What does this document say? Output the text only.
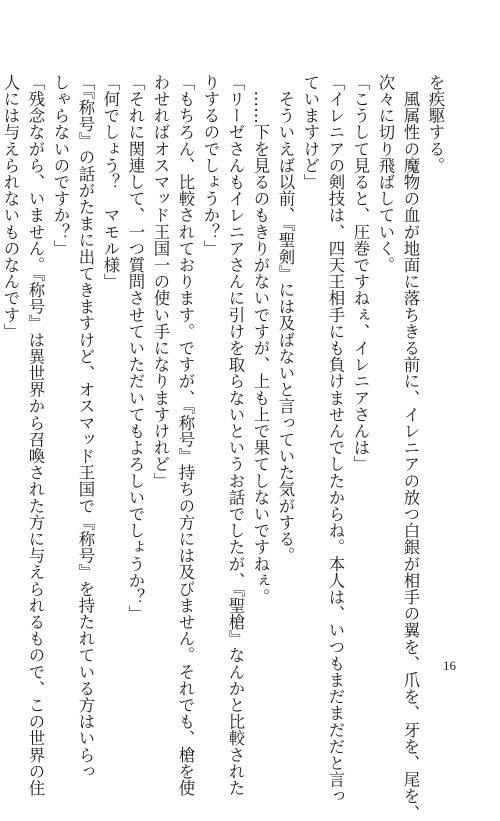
を疾駆する。
　風属性の魔物の血が地面に落ちきる前に、イレニアの放つ白銀が相手の翼を、爪を、牙を、尾を、
次々に切り飛ばしていく。
「こうして見ると、圧巻ですねぇ、イレニアさんは」
「イレニアの剣技は、四天王相手にも負けませんでしたからね。本人は、いつもまだまだだと言っ
ていますけど」
　そういえば以前、『聖剣』には及ばないと言っていた気がする。
　……下を見るのもきりがないですが、上も上で果てしないですねぇ。
「リーゼさんもイレニアさんに引けを取らないというお話でしたが、『聖槍』なんかと比較された
りするのでしょうか？」
「もちろん、比較されております。ですが、『称号』持ちの方には及びません。それでも、槍を使
わせればオスマッド王国一の使い手になりますけれど」
「それに関連して、一つ質問させていただいてもよろしいでしょうか？」
「何でしょう？　マモル様」
「『称号』の話がたまに出てきますけど、オスマッド王国で『称号』を持たれている方はいらっ
しゃらないのですか？」
「残念ながら、いません。『称号』は異世界から召喚された方に与えられるもので、この世界の住
人には与えられないものなんです」
16
